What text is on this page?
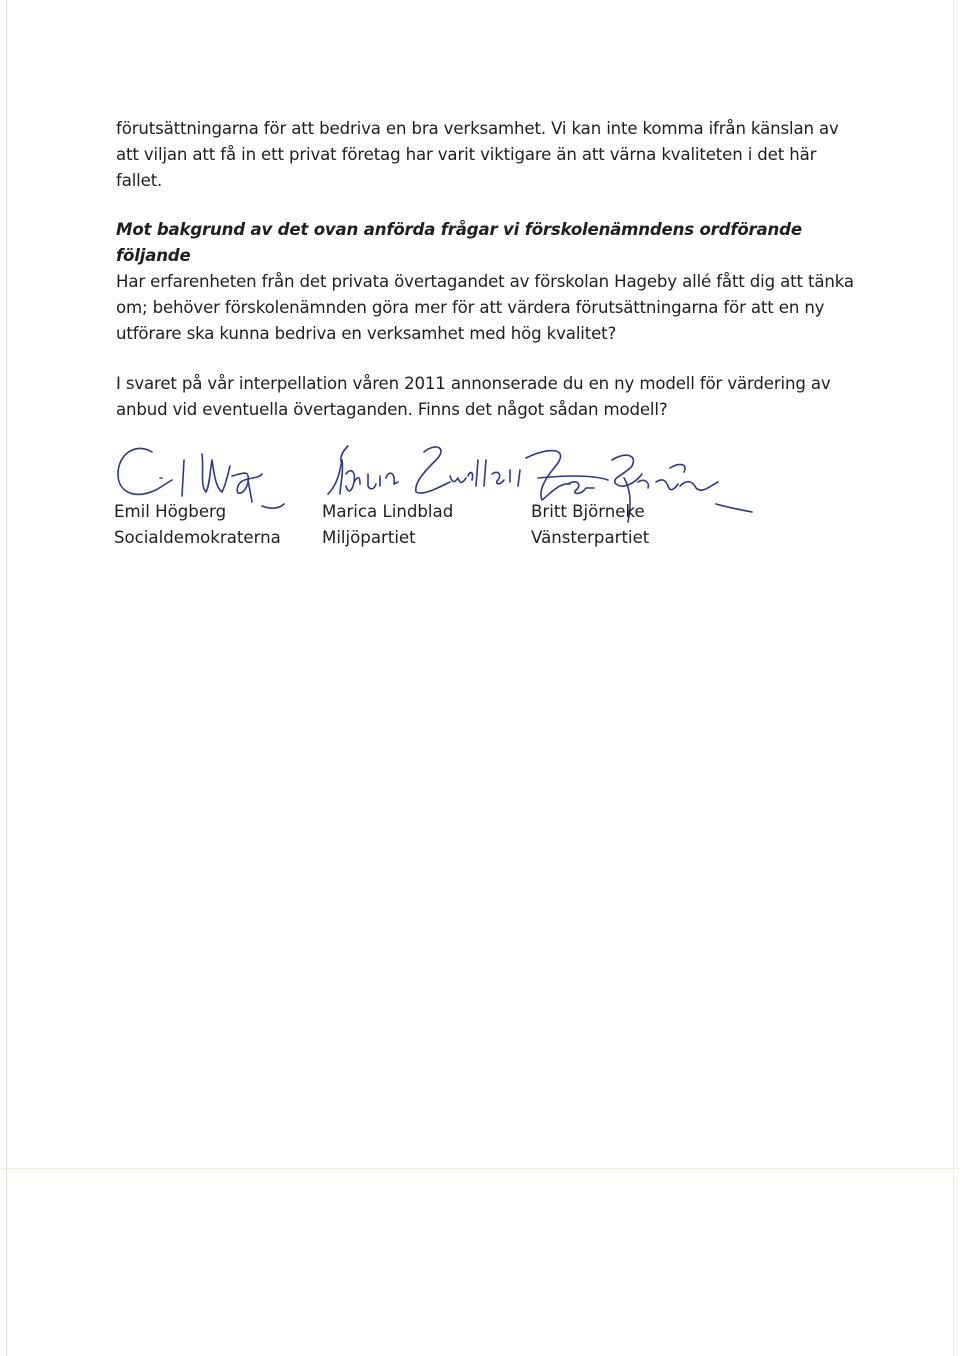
förutsättningarna för att bedriva en bra verksamhet. Vi kan inte komma ifrån känslan av att viljan att få in ett privat företag har varit viktigare än att värna kvaliteten i det här fallet.
Mot bakgrund av det ovan anförda frågar vi förskolenämndens ordförande följande
Har erfarenheten från det privata övertagandet av förskolan Hageby allé fått dig att tänka om; behöver förskolenämnden göra mer för att värdera förutsättningarna för att en ny utförare ska kunna bedriva en verksamhet med hög kvalitet?
I svaret på vår interpellation våren 2011 annonserade du en ny modell för värdering av anbud vid eventuella övertaganden. Finns det något sådan modell?
Emil Högberg
Socialdemokraterna
Marica Lindblad
Miljöpartiet
Britt Björneke
Vänsterpartiet
